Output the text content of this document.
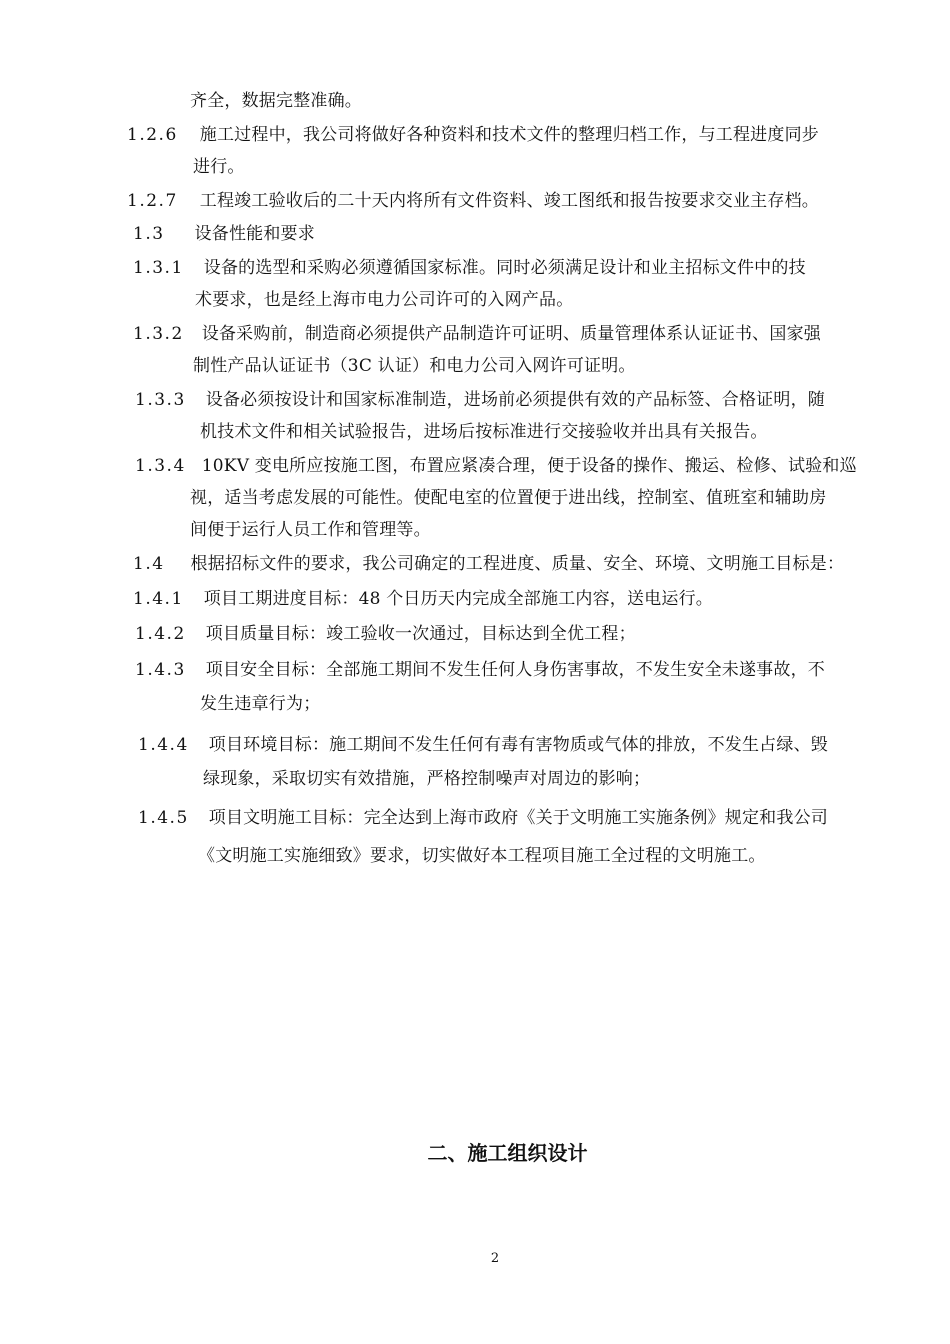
齐全，数据完整准确。
1.2.6 施工过程中，我公司将做好各种资料和技术文件的整理归档工作，与工程进度同步
进行。
1.2.7 工程竣工验收后的二十天内将所有文件资料、竣工图纸和报告按要求交业主存档。
1.3 设备性能和要求
1.3.1 设备的选型和采购必须遵循国家标准。同时必须满足设计和业主招标文件中的技
术要求，也是经上海市电力公司许可的入网产品。
1.3.2 设备采购前，制造商必须提供产品制造许可证明、质量管理体系认证证书、国家强
制性产品认证证书（3C 认证）和电力公司入网许可证明。
1.3.3 设备必须按设计和国家标准制造，进场前必须提供有效的产品标签、合格证明，随
机技术文件和相关试验报告，进场后按标准进行交接验收并出具有关报告。
1.3.4 10KV 变电所应按施工图，布置应紧凑合理，便于设备的操作、搬运、检修、试验和巡
视，适当考虑发展的可能性。使配电室的位置便于进出线，控制室、值班室和辅助房
间便于运行人员工作和管理等。
1.4 根据招标文件的要求，我公司确定的工程进度、质量、安全、环境、文明施工目标是：
1.4.1 项目工期进度目标：48 个日历天内完成全部施工内容，送电运行。
1.4.2 项目质量目标：竣工验收一次通过，目标达到全优工程；
1.4.3 项目安全目标：全部施工期间不发生任何人身伤害事故，不发生安全未遂事故，不
发生违章行为；
1.4.4 项目环境目标：施工期间不发生任何有毒有害物质或气体的排放，不发生占绿、毁
绿现象，采取切实有效措施，严格控制噪声对周边的影响；
1.4.5 项目文明施工目标：完全达到上海市政府《关于文明施工实施条例》规定和我公司
《文明施工实施细致》要求，切实做好本工程项目施工全过程的文明施工。
二、施工组织设计
2
